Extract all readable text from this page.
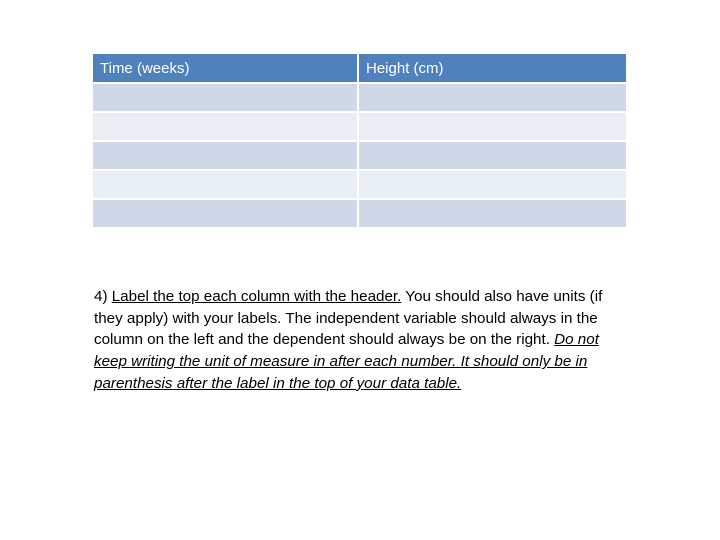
Time (weeks)	Height (cm)

4) Label the top each column with the header. You should also have units (if they apply) with your labels. The independent variable should always in the column on the left and the dependent should always be on the right. Do not keep writing the unit of measure in after each number. It should only be in parenthesis after the label in the top of your data table.
